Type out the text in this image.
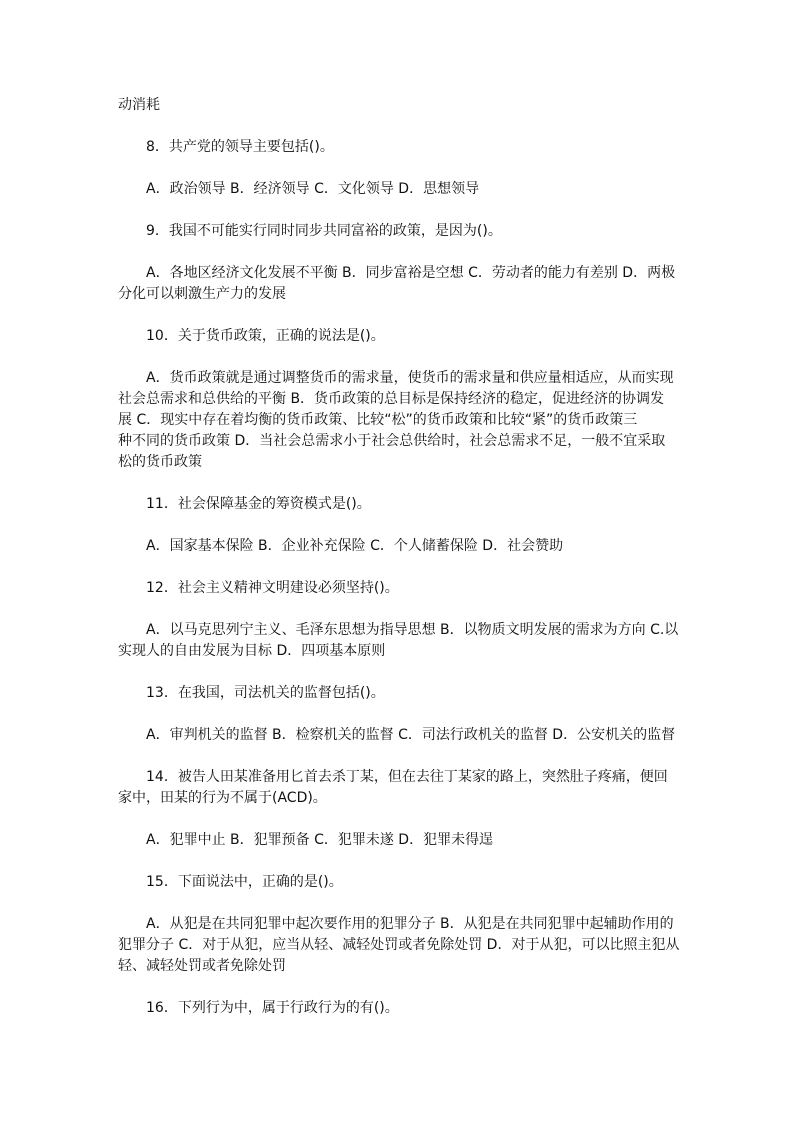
动消耗
8．共产党的领导主要包括()。
A．政治领导 B．经济领导 C．文化领导 D．思想领导
9．我国不可能实行同时同步共同富裕的政策，是因为()。
A．各地区经济文化发展不平衡 B．同步富裕是空想 C．劳动者的能力有差别 D．两极
分化可以刺激生产力的发展
10．关于货币政策，正确的说法是()。
A．货币政策就是通过调整货币的需求量，使货币的需求量和供应量相适应，从而实现
社会总需求和总供给的平衡 B．货币政策的总目标是保持经济的稳定，促进经济的协调发
展 C．现实中存在着均衡的货币政策、比较“松”的货币政策和比较“紧”的货币政策三
种不同的货币政策 D．当社会总需求小于社会总供给时，社会总需求不足，一般不宜采取
松的货币政策
11．社会保障基金的筹资模式是()。
A．国家基本保险 B．企业补充保险 C．个人储蓄保险 D．社会赞助
12．社会主义精神文明建设必须坚持()。
A．以马克思列宁主义、毛泽东思想为指导思想 B．以物质文明发展的需求为方向 C.以
实现人的自由发展为目标 D．四项基本原则
13．在我国，司法机关的监督包括()。
A．审判机关的监督 B．检察机关的监督 C．司法行政机关的监督 D．公安机关的监督
14．被告人田某准备用匕首去杀丁某，但在去往丁某家的路上，突然肚子疼痛，便回
家中，田某的行为不属于(ACD)。
A．犯罪中止 B．犯罪预备 C．犯罪未遂 D．犯罪未得逞
15．下面说法中，正确的是()。
A．从犯是在共同犯罪中起次要作用的犯罪分子 B．从犯是在共同犯罪中起辅助作用的
犯罪分子 C．对于从犯，应当从轻、减轻处罚或者免除处罚 D．对于从犯，可以比照主犯从
轻、减轻处罚或者免除处罚
16．下列行为中，属于行政行为的有()。
